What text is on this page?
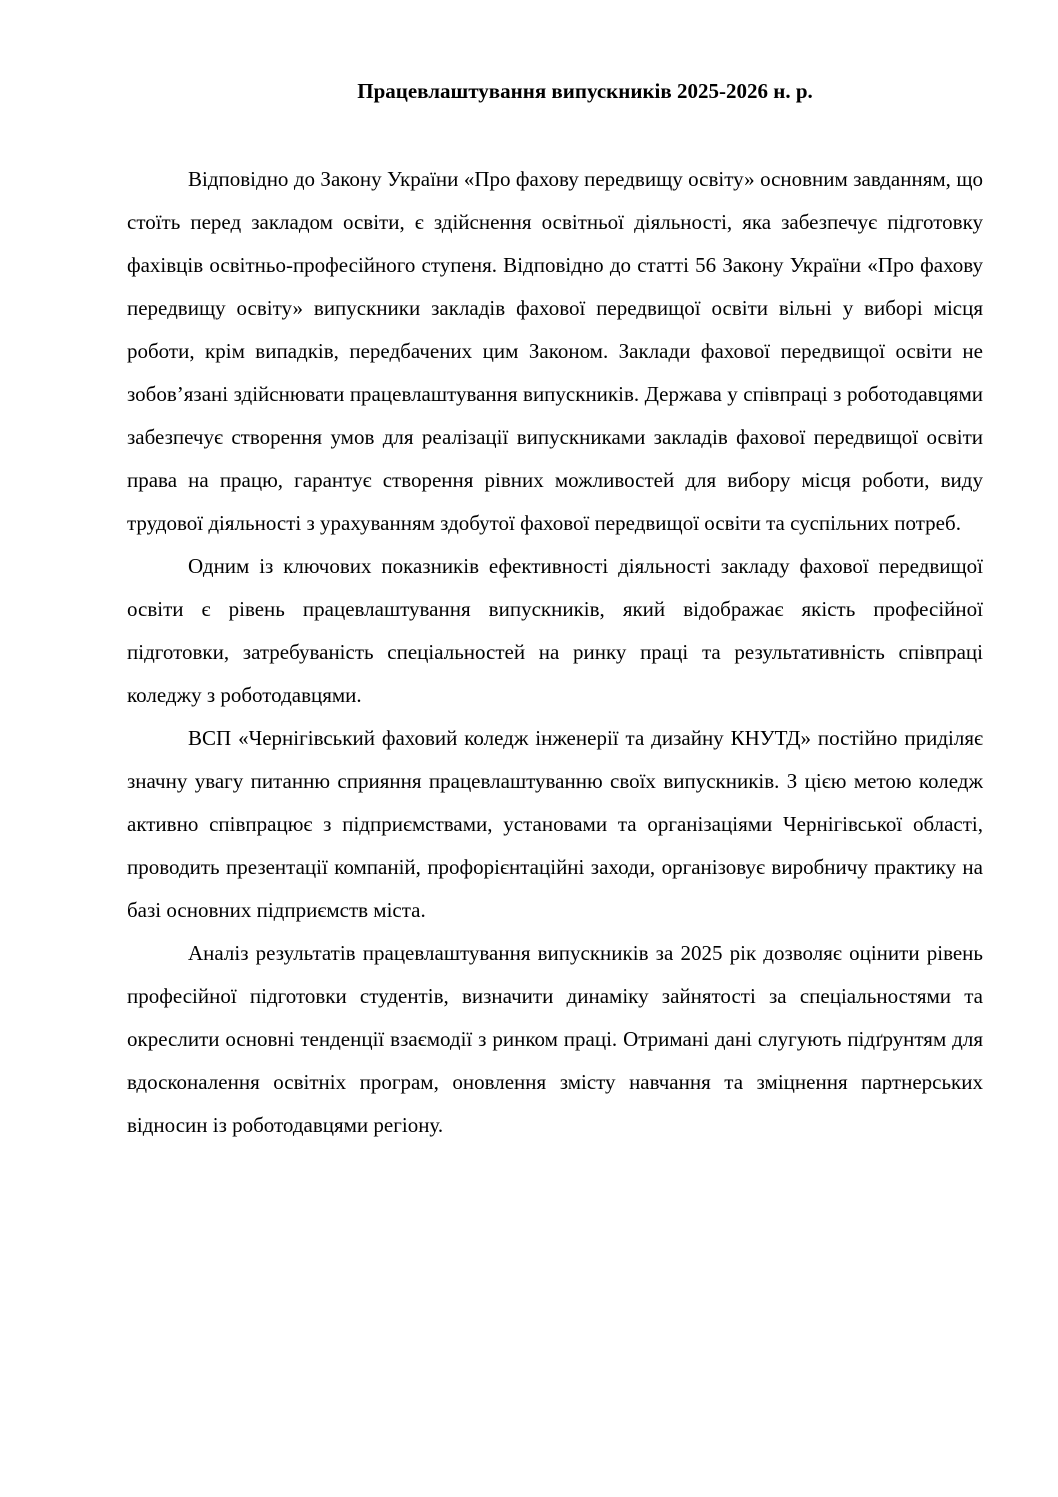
Працевлаштування випускників 2025-2026 н. р.

Відповідно до Закону України «Про фахову передвищу освіту» основним завданням, що стоїть перед закладом освіти, є здійснення освітньої діяльності, яка забезпечує підготовку фахівців освітньо-професійного ступеня. Відповідно до статті 56 Закону України «Про фахову передвищу освіту» випускники закладів фахової передвищої освіти вільні у виборі місця роботи, крім випадків, передбачених цим Законом. Заклади фахової передвищої освіти не зобов’язані здійснювати працевлаштування випускників. Держава у співпраці з роботодавцями забезпечує створення умов для реалізації випускниками закладів фахової передвищої освіти права на працю, гарантує створення рівних можливостей для вибору місця роботи, виду трудової діяльності з урахуванням здобутої фахової передвищої освіти та суспільних потреб.

Одним із ключових показників ефективності діяльності закладу фахової передвищої освіти є рівень працевлаштування випускників, який відображає якість професійної підготовки, затребуваність спеціальностей на ринку праці та результативність співпраці коледжу з роботодавцями.

ВСП «Чернігівський фаховий коледж інженерії та дизайну КНУТД» постійно приділяє значну увагу питанню сприяння працевлаштуванню своїх випускників. З цією метою коледж активно співпрацює з підприємствами, установами та організаціями Чернігівської області, проводить презентації компаній, профорієнтаційні заходи, організовує виробничу практику на базі основних підприємств міста.

Аналіз результатів працевлаштування випускників за 2025 рік дозволяє оцінити рівень професійної підготовки студентів, визначити динаміку зайнятості за спеціальностями та окреслити основні тенденції взаємодії з ринком праці. Отримані дані слугують підґрунтям для вдосконалення освітніх програм, оновлення змісту навчання та зміцнення партнерських відносин із роботодавцями регіону.
